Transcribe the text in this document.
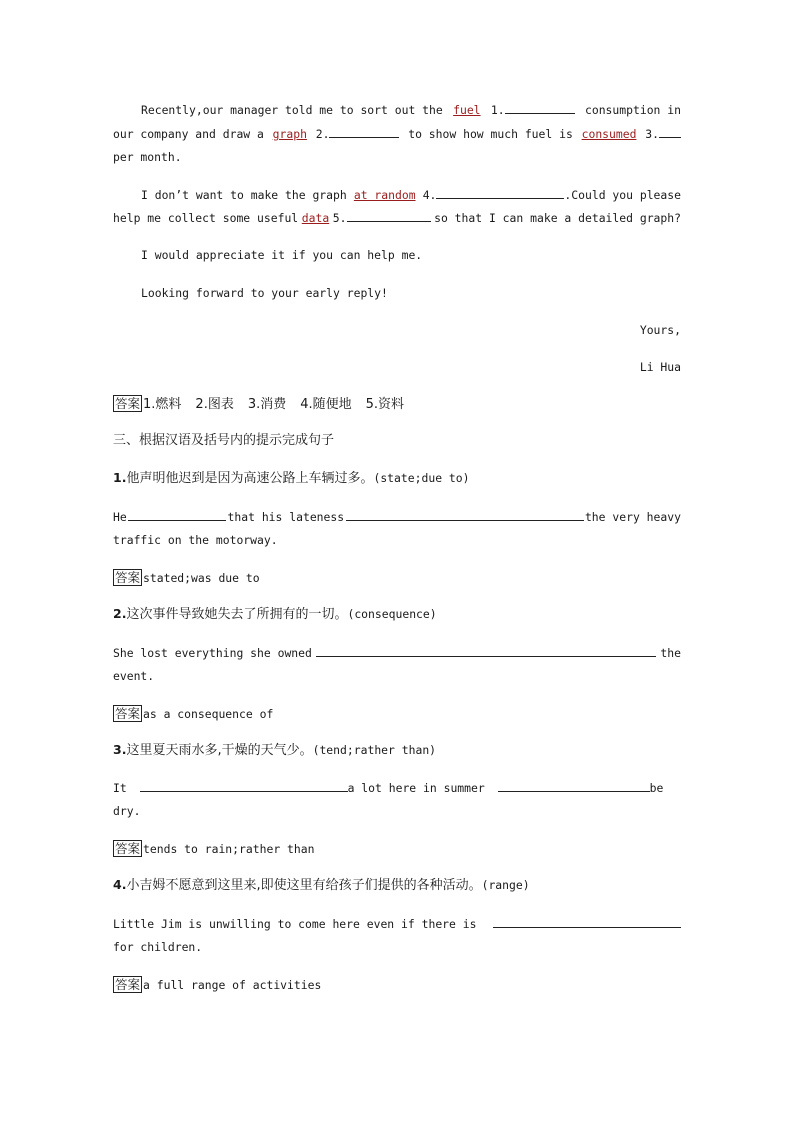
Recently,our manager told me to sort out the fuel 1.	consumption in
our company and draw a graph 2.	to show how much fuel is consumed 3.
per month.
I don’t want to make the graph at random 4.	.Could you please
help me collect some useful data 5.	so that I can make a detailed graph?
I would appreciate it if you can help me.
Looking forward to your early reply!
Yours,
Li Hua
答案 1.燃料 2.图表 3.消费 4.随便地 5.资料
三、根据汉语及括号内的提示完成句子
1.他声明他迟到是因为高速公路上车辆过多。(state;due to)
He	that his lateness	the very heavy
traffic on the motorway.
答案 stated;was due to
2.这次事件导致她失去了所拥有的一切。(consequence)
She lost everything she owned	the
event.
答案 as a consequence of
3.这里夏天雨水多,干燥的天气少。(tend;rather than)
It	a lot here in summer	be
dry.
答案 tends to rain;rather than
4.小吉姆不愿意到这里来,即使这里有给孩子们提供的各种活动。(range)
Little Jim is unwilling to come here even if there is
for children.
答案 a full range of activities
